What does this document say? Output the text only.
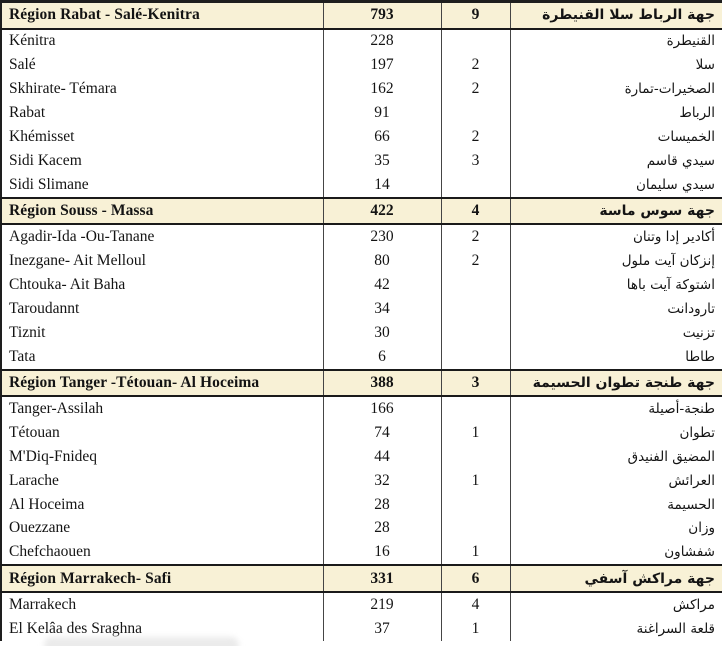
Région Rabat - Salé-Kenitra	793	9	جهة الرباط سلا القنيطرة
Kénitra	228		القنيطرة
Salé	197	2	سلا
Skhirate- Témara	162	2	الصخيرات-تمارة
Rabat	91		الرباط
Khémisset	66	2	الخميسات
Sidi Kacem	35	3	سيدي قاسم
Sidi Slimane	14		سيدي سليمان
Région Souss - Massa	422	4	جهة سوس ماسة
Agadir-Ida -Ou-Tanane	230	2	أكادير إدا وتنان
Inezgane- Ait Melloul	80	2	إنزكان آيت ملول
Chtouka- Ait Baha	42		اشتوكة آيت باها
Taroudannt	34		تارودانت
Tiznit	30		تزنيت
Tata	6		طاطا
Région Tanger -Tétouan- Al Hoceima	388	3	جهة طنجة تطوان الحسيمة
Tanger-Assilah	166		طنجة-أصيلة
Tétouan	74	1	تطوان
M'Diq-Fnideq	44		المضيق الفنيدق
Larache	32	1	العرائش
Al Hoceima	28		الحسيمة
Ouezzane	28		وزان
Chefchaouen	16	1	شفشاون
Région Marrakech- Safi	331	6	جهة مراكش آسفي
Marrakech	219	4	مراكش
El Kelâa des Sraghna	37	1	قلعة السراغنة
